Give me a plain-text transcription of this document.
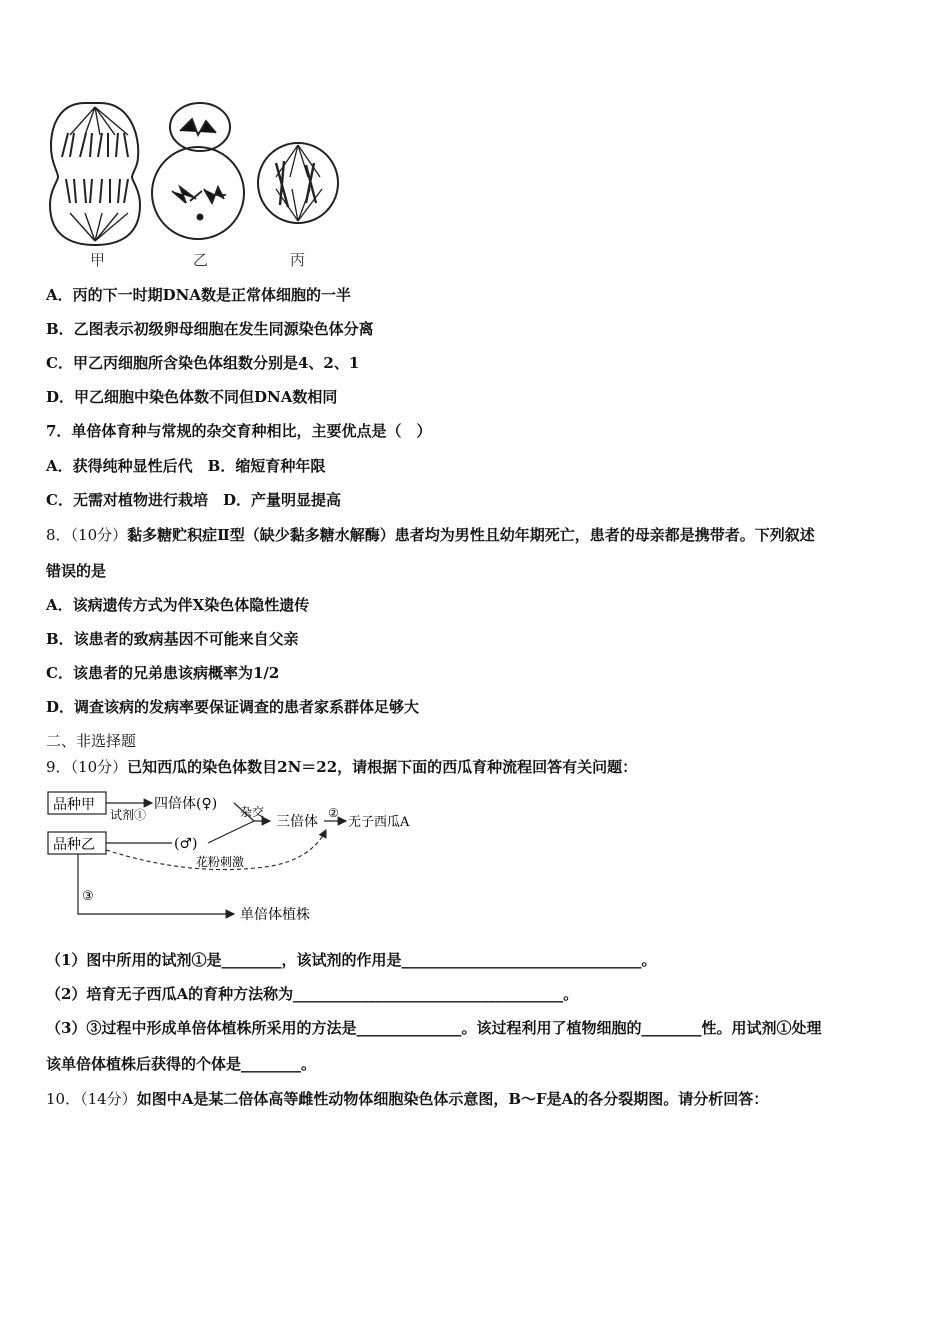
甲	乙	丙
A．丙的下一时期DNA数是正常体细胞的一半
B．乙图表示初级卵母细胞在发生同源染色体分离
C．甲乙丙细胞所含染色体组数分别是4、2、1
D．甲乙细胞中染色体数不同但DNA数相同
7．单倍体育种与常规的杂交育种相比，主要优点是（　）
A．获得纯种显性后代　B．缩短育种年限
C．无需对植物进行栽培　D．产量明显提高
8．（10分）黏多糖贮积症Ⅱ型（缺少黏多糖水解酶）患者均为男性且幼年期死亡，患者的母亲都是携带者。下列叙述
错误的是
A．该病遗传方式为伴X染色体隐性遗传
B．该患者的致病基因不可能来自父亲
C．该患者的兄弟患该病概率为1/2
D．调查该病的发病率要保证调查的患者家系群体足够大
二、非选择题
9．（10分）已知西瓜的染色体数目2N＝22，请根据下面的西瓜育种流程回答有关问题：
品种甲
品种乙
试剂①
四倍体(♀)
(♂)
杂交
三倍体
②
无子西瓜A
花粉刺激
③
单倍体植株
（1）图中所用的试剂①是________，该试剂的作用是________________________________。
（2）培育无子西瓜A的育种方法称为____________________________________。
（3）③过程中形成单倍体植株所采用的方法是______________。该过程利用了植物细胞的________性。用试剂①处理
该单倍体植株后获得的个体是________。
10．（14分）如图中A是某二倍体高等雌性动物体细胞染色体示意图，B～F是A的各分裂期图。请分析回答：
